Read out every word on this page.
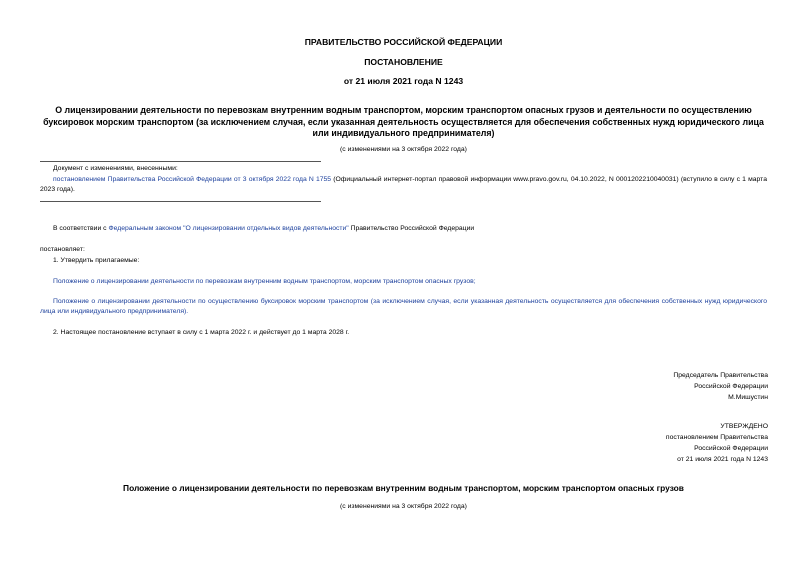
ПРАВИТЕЛЬСТВО РОССИЙСКОЙ ФЕДЕРАЦИИ
ПОСТАНОВЛЕНИЕ
от 21 июля 2021 года N 1243
О лицензировании деятельности по перевозкам внутренним водным транспортом, морским транспортом опасных грузов и деятельности по осуществлению буксировок морским транспортом (за исключением случая, если указанная деятельность осуществляется для обеспечения собственных нужд юридического лица или индивидуального предпринимателя)
(с изменениями на 3 октября 2022 года)
Документ с изменениями, внесенными:
постановлением Правительства Российской Федерации от 3 октября 2022 года N 1755 (Официальный интернет-портал правовой информации www.pravo.gov.ru, 04.10.2022, N 0001202210040031) (вступило в силу с 1 марта 2023 года).
В соответствии с Федеральным законом "О лицензировании отдельных видов деятельности" Правительство Российской Федерации
постановляет:
1. Утвердить прилагаемые:
Положение о лицензировании деятельности по перевозкам внутренним водным транспортом, морским транспортом опасных грузов;
Положение о лицензировании деятельности по осуществлению буксировок морским транспортом (за исключением случая, если указанная деятельность осуществляется для обеспечения собственных нужд юридического лица или индивидуального предпринимателя).
2. Настоящее постановление вступает в силу с 1 марта 2022 г. и действует до 1 марта 2028 г.
Председатель Правительства
Российской Федерации
М.Мишустин
УТВЕРЖДЕНО
постановлением Правительства
Российской Федерации
от 21 июля 2021 года N 1243
Положение о лицензировании деятельности по перевозкам внутренним водным транспортом, морским транспортом опасных грузов
(с изменениями на 3 октября 2022 года)
